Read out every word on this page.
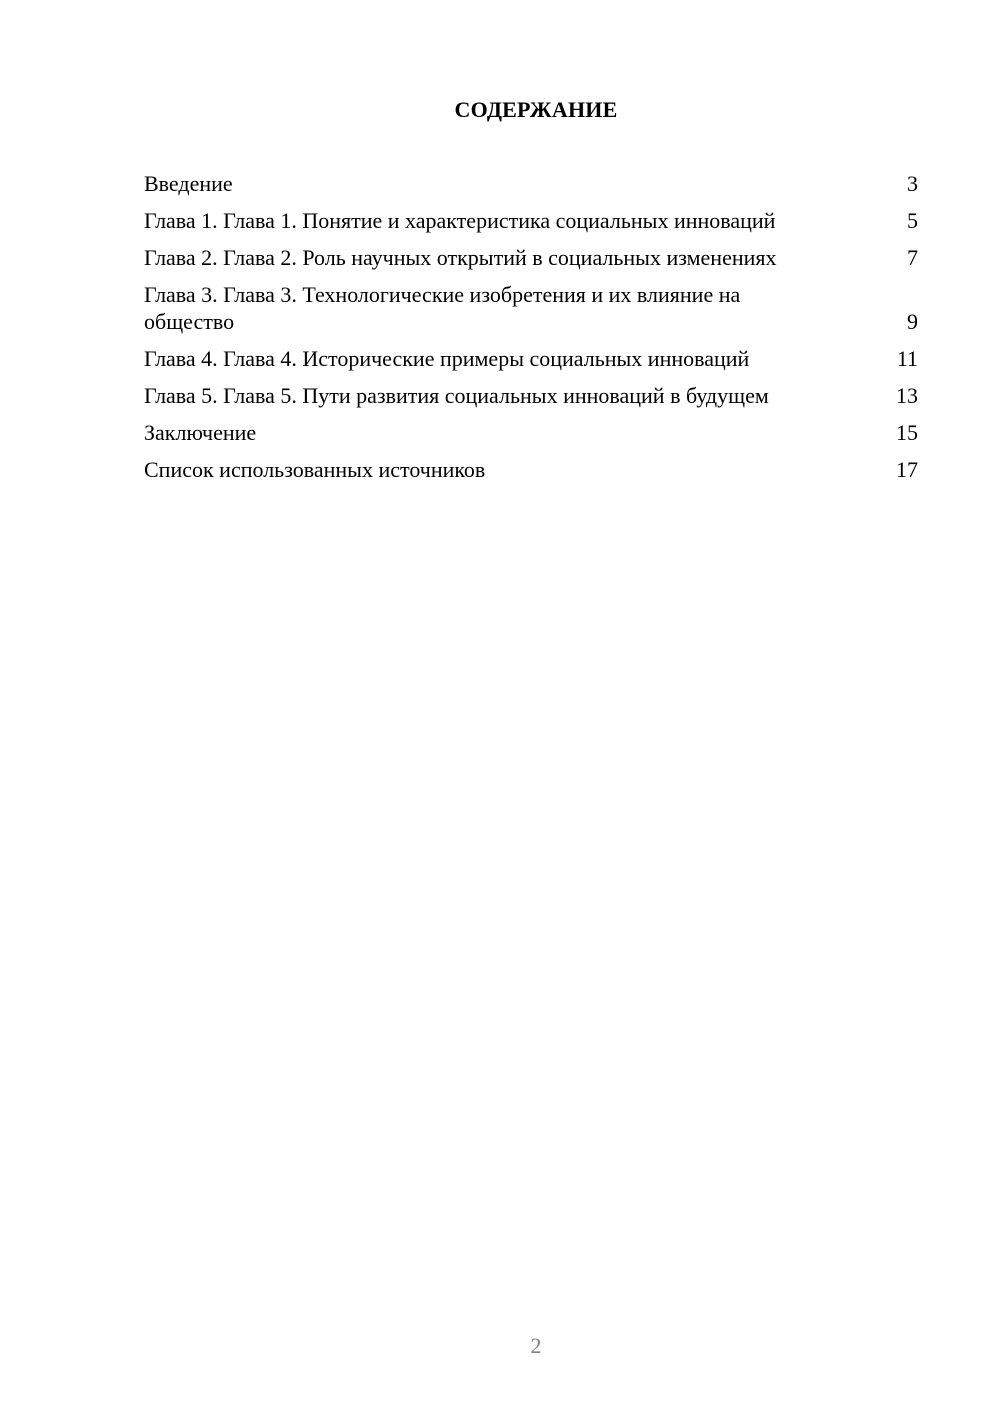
СОДЕРЖАНИЕ
Введение	3
Глава 1. Глава 1. Понятие и характеристика социальных инноваций	5
Глава 2. Глава 2. Роль научных открытий в социальных изменениях	7
Глава 3. Глава 3. Технологические изобретения и их влияние на общество	9
Глава 4. Глава 4. Исторические примеры социальных инноваций	11
Глава 5. Глава 5. Пути развития социальных инноваций в будущем	13
Заключение	15
Список использованных источников	17
2
